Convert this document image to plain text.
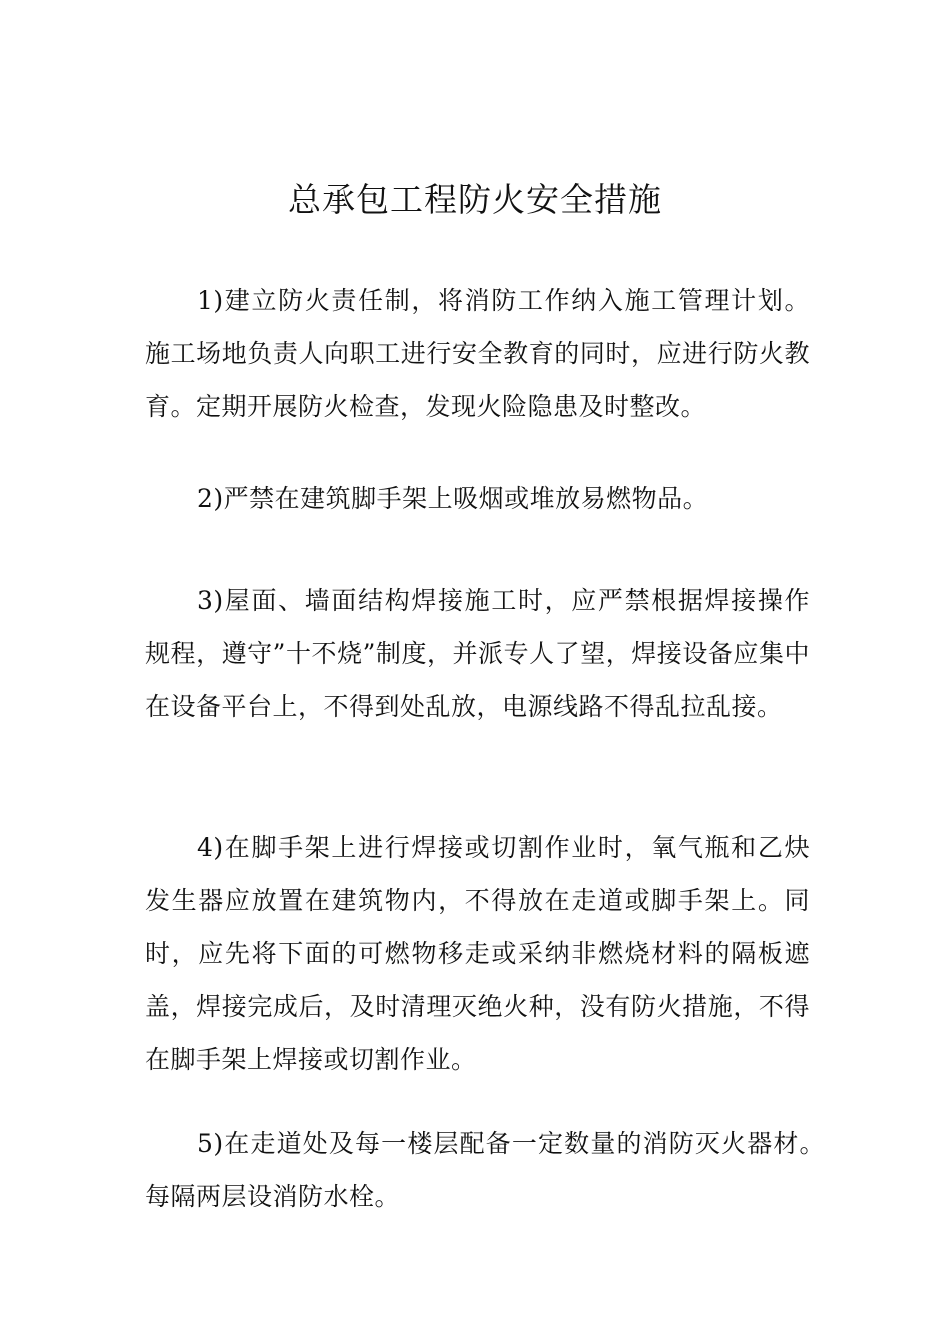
总承包工程防火安全措施

1)建立防火责任制，将消防工作纳入施工管理计划。施工场地负责人向职工进行安全教育的同时，应进行防火教育。定期开展防火检查，发现火险隐患及时整改。

2)严禁在建筑脚手架上吸烟或堆放易燃物品。

3)屋面、墙面结构焊接施工时，应严禁根据焊接操作规程，遵守”十不烧”制度，并派专人了望，焊接设备应集中在设备平台上，不得到处乱放，电源线路不得乱拉乱接。

4)在脚手架上进行焊接或切割作业时，氧气瓶和乙炔发生器应放置在建筑物内，不得放在走道或脚手架上。同时，应先将下面的可燃物移走或采纳非燃烧材料的隔板遮盖，焊接完成后，及时清理灭绝火种，没有防火措施，不得在脚手架上焊接或切割作业。

5)在走道处及每一楼层配备一定数量的消防灭火器材。每隔两层设消防水栓。
